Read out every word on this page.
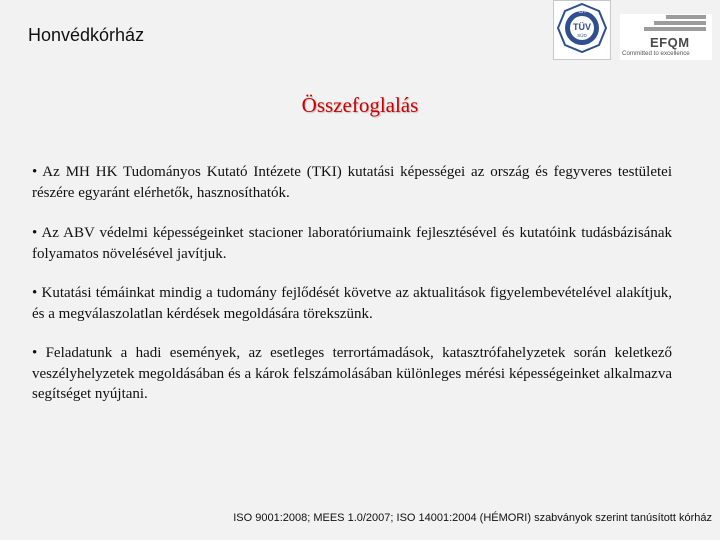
Honvédkórház
CH
TÜV
SÜD	EFQM
Committed to excellence
Összefoglalás
• Az MH HK Tudományos Kutató Intézete (TKI) kutatási képességei az ország és fegyveres testületei részére egyaránt elérhetők, hasznosíthatók.
• Az ABV védelmi képességeinket stacioner laboratóriumaink fejlesztésével és kutatóink tudásbázisának folyamatos növelésével javítjuk.
• Kutatási témáinkat mindig a tudomány fejlődését követve az aktualitások figyelembevételével alakítjuk, és a megválaszolatlan kérdések megoldására törekszünk.
• Feladatunk a hadi események, az esetleges terrortámadások, katasztrófahelyzetek során keletkező veszélyhelyzetek megoldásában és a károk felszámolásában különleges mérési képességeinket alkalmazva segítséget nyújtani.
ISO 9001:2008; MEES 1.0/2007; ISO 14001:2004 (HÉMORI) szabványok szerint tanúsított kórház
